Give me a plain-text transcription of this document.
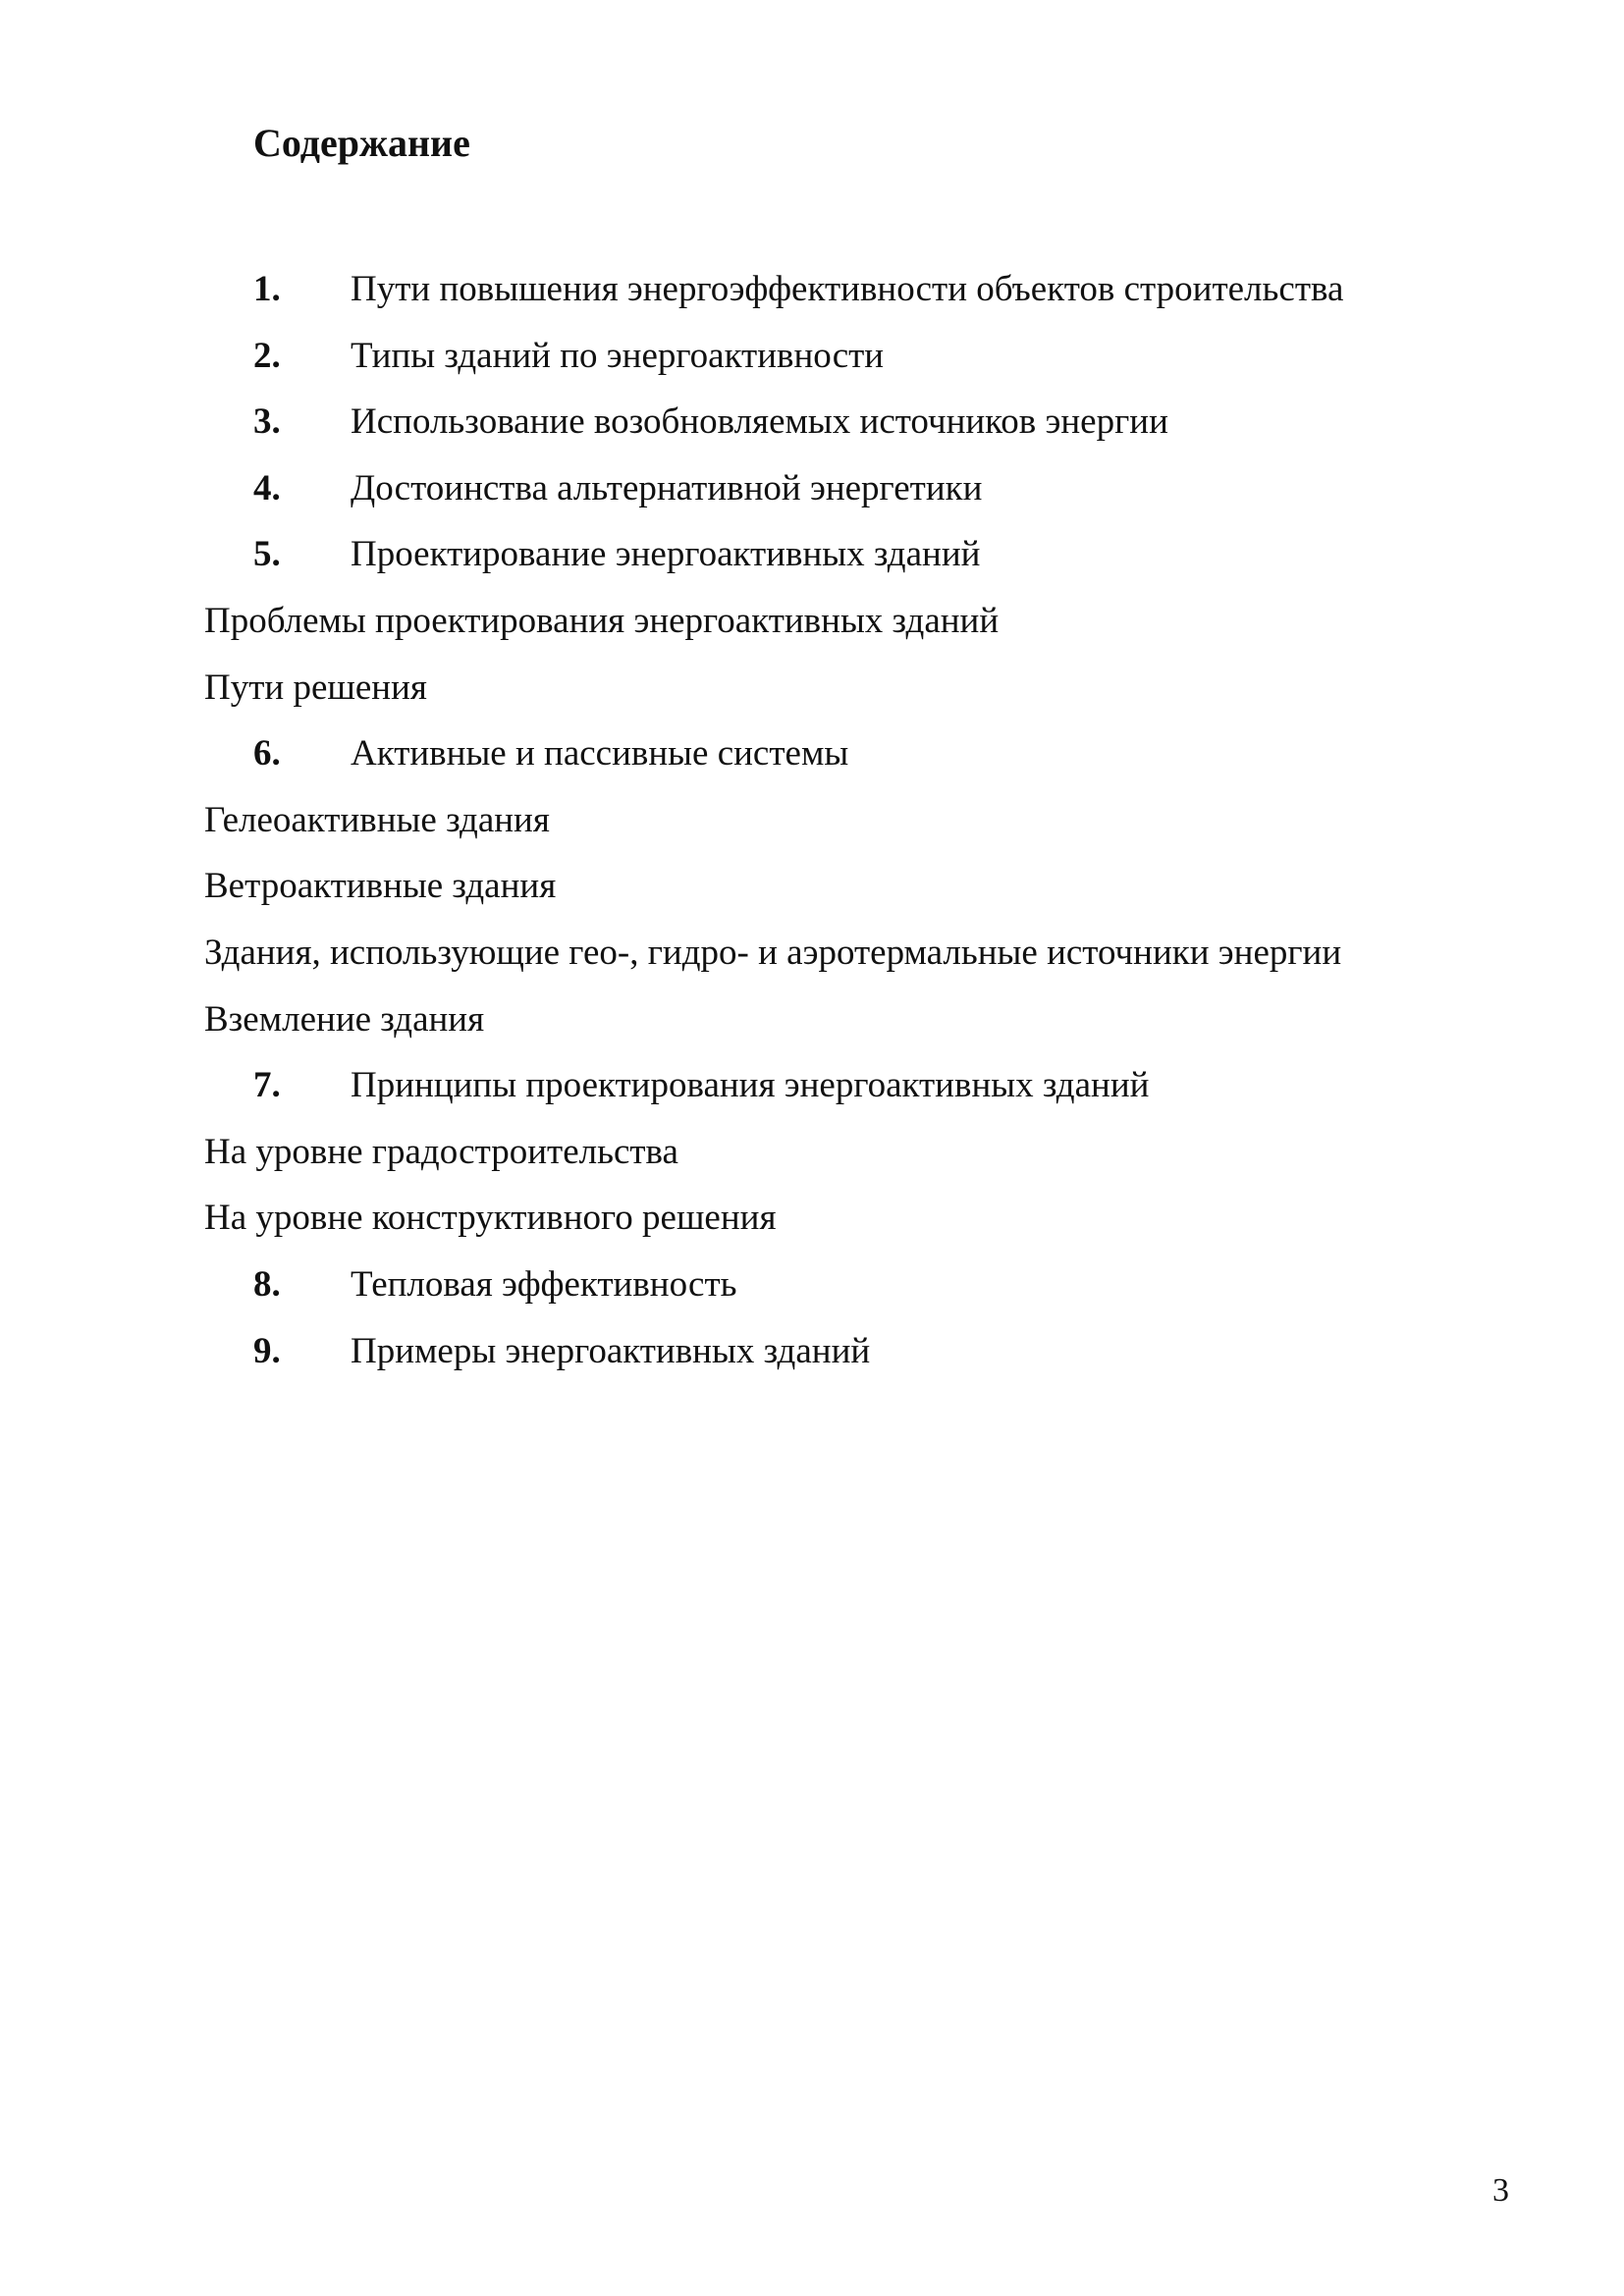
Содержание
1. Пути повышения энергоэффективности объектов строительства
2. Типы зданий по энергоактивности
3. Использование возобновляемых источников энергии
4. Достоинства альтернативной энергетики
5. Проектирование энергоактивных зданий
Проблемы проектирования энергоактивных зданий
Пути решения
6. Активные и пассивные системы
Гелеоактивные здания
Ветроактивные здания
Здания, использующие гео-, гидро- и аэротермальные источники энергии
Вземление здания
7. Принципы проектирования энергоактивных зданий
На уровне градостроительства
На уровне конструктивного решения
8. Тепловая эффективность
9. Примеры энергоактивных зданий
3
